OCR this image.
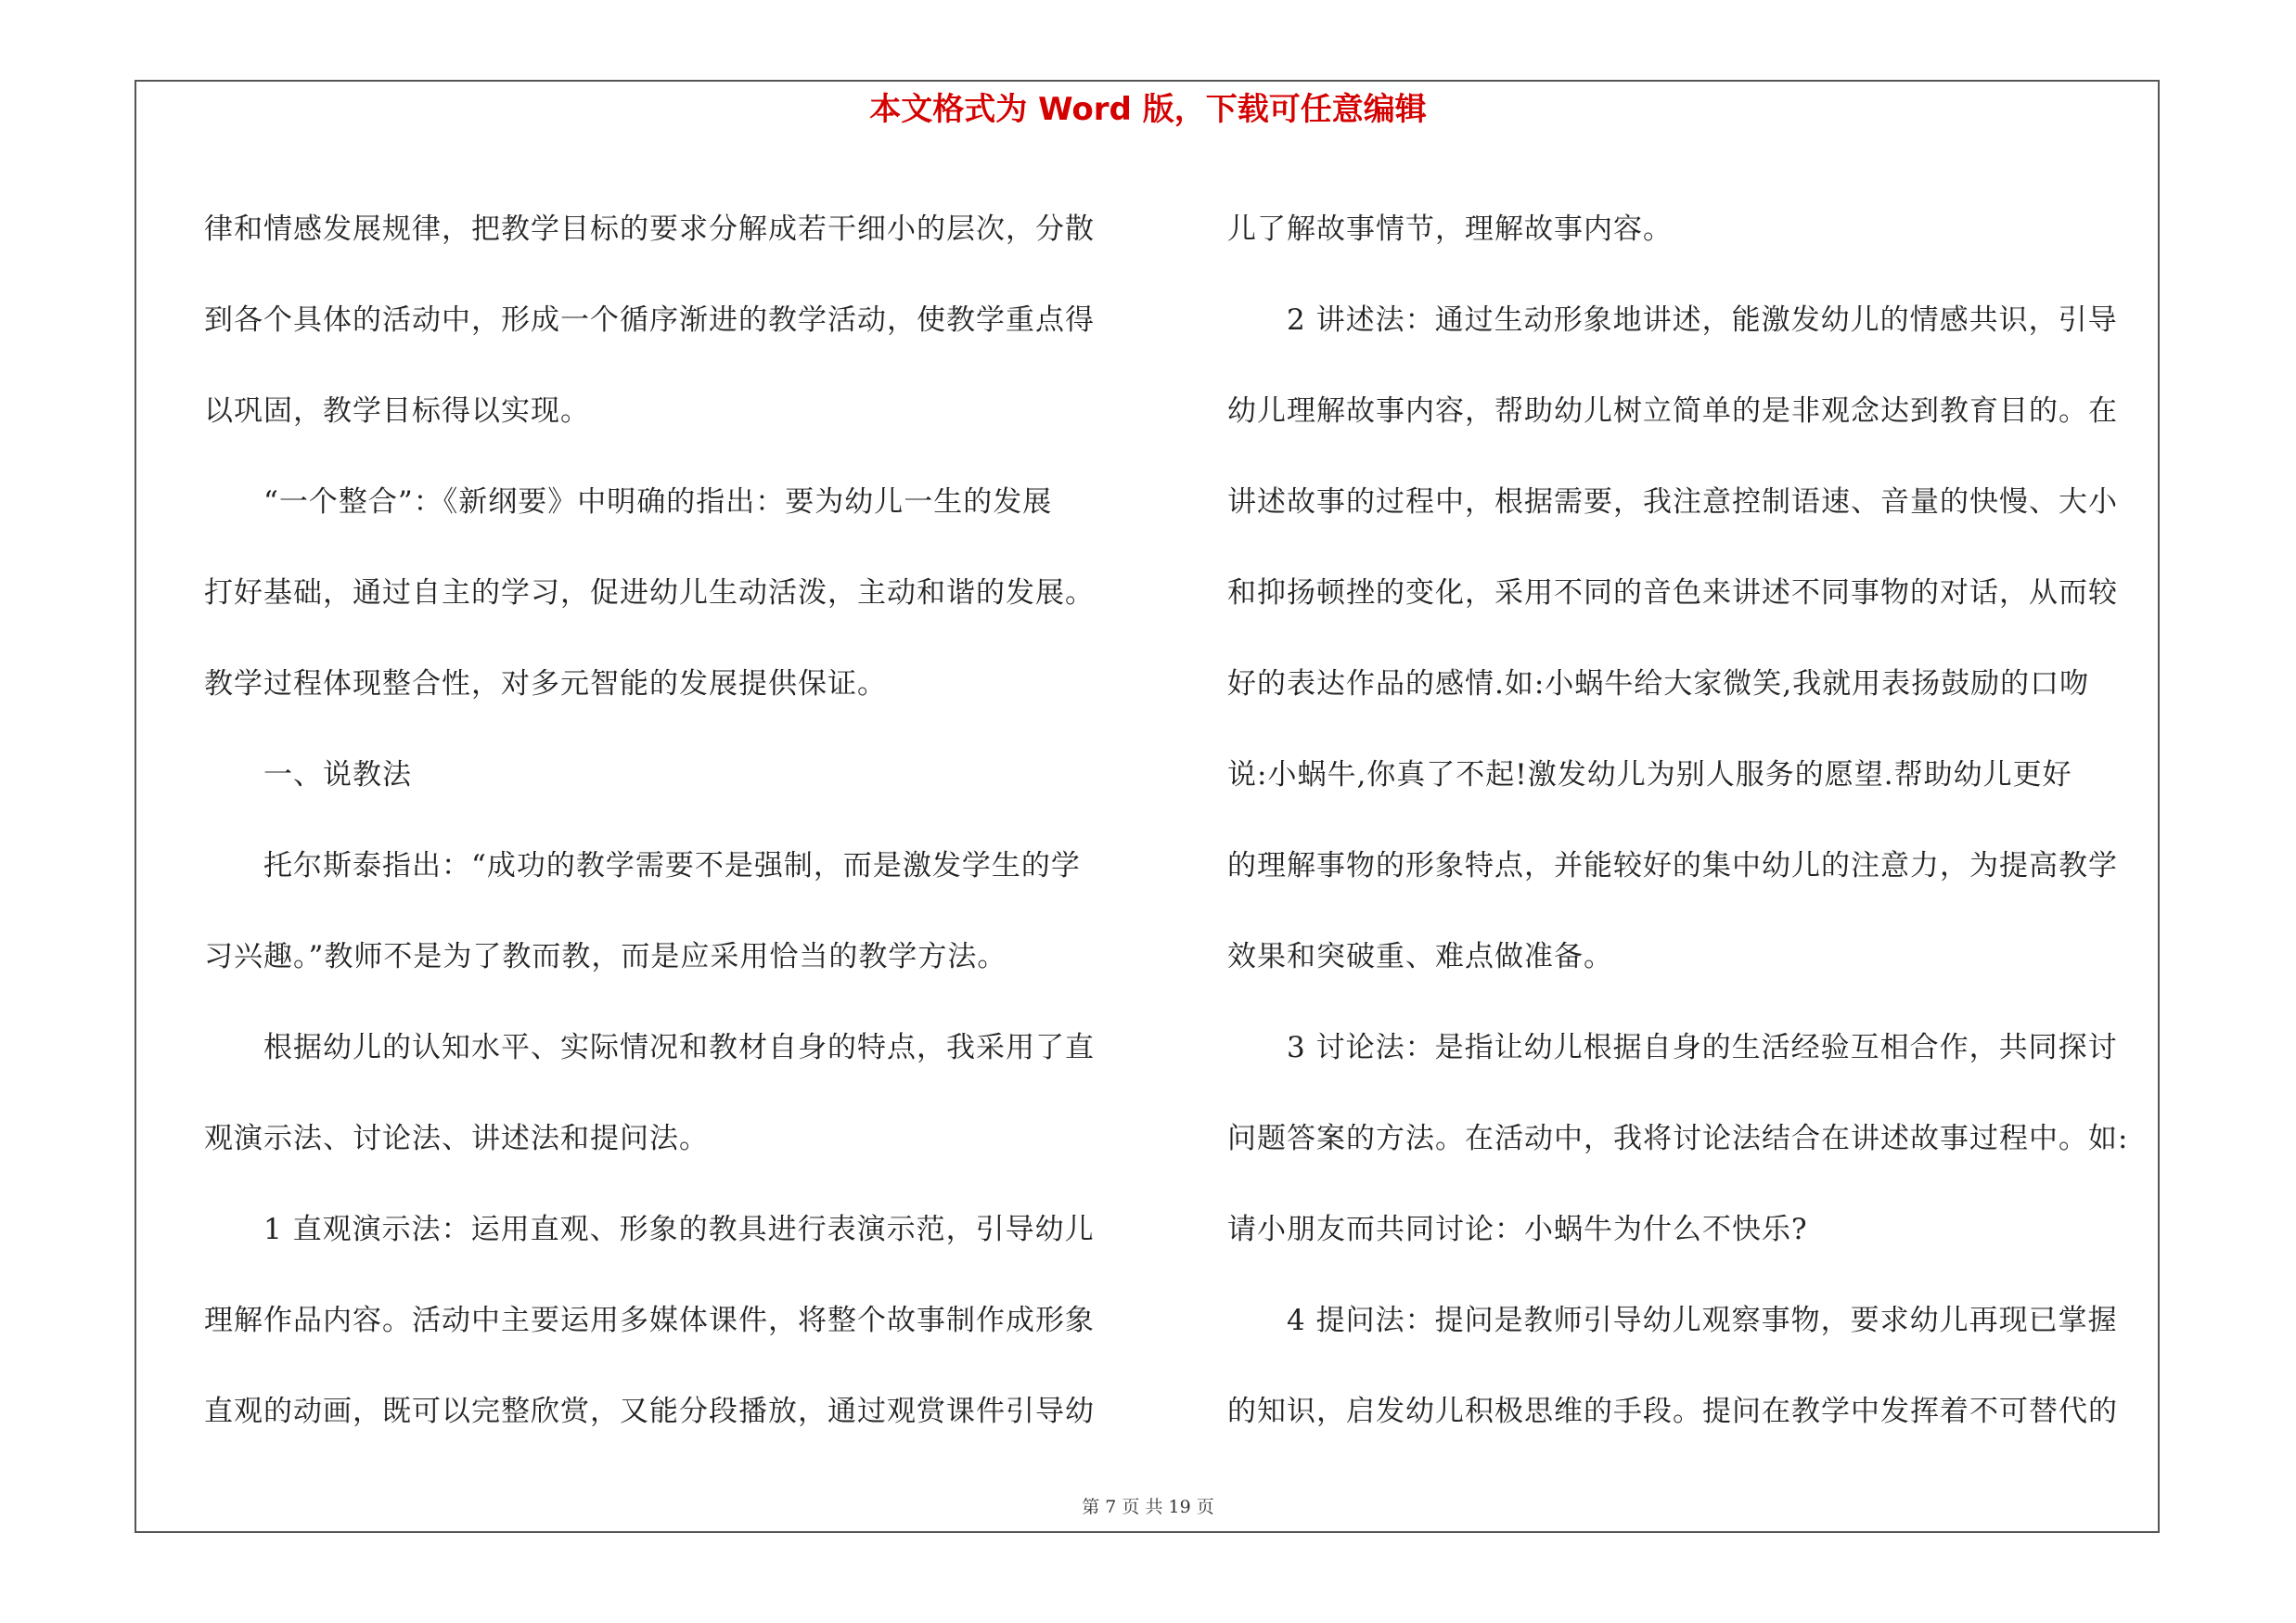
本文格式为 Word 版，下载可任意编辑
律和情感发展规律，把教学目标的要求分解成若干细小的层次，分散
到各个具体的活动中，形成一个循序渐进的教学活动，使教学重点得
以巩固，教学目标得以实现。
　　“一个整合”：《新纲要》中明确的指出：要为幼儿一生的发展
打好基础，通过自主的学习，促进幼儿生动活泼，主动和谐的发展。
教学过程体现整合性，对多元智能的发展提供保证。
　　一、说教法
　　托尔斯泰指出：“成功的教学需要不是强制，而是激发学生的学
习兴趣。”教师不是为了教而教，而是应采用恰当的教学方法。
　　根据幼儿的认知水平、实际情况和教材自身的特点，我采用了直
观演示法、讨论法、讲述法和提问法。
　　1 直观演示法：运用直观、形象的教具进行表演示范，引导幼儿
理解作品内容。活动中主要运用多媒体课件，将整个故事制作成形象
直观的动画，既可以完整欣赏，又能分段播放，通过观赏课件引导幼
儿了解故事情节，理解故事内容。
　　2 讲述法：通过生动形象地讲述，能激发幼儿的情感共识，引导
幼儿理解故事内容，帮助幼儿树立简单的是非观念达到教育目的。在
讲述故事的过程中，根据需要，我注意控制语速、音量的快慢、大小
和抑扬顿挫的变化，采用不同的音色来讲述不同事物的对话，从而较
好的表达作品的感情.如:小蜗牛给大家微笑,我就用表扬鼓励的口吻
说:小蜗牛,你真了不起!激发幼儿为别人服务的愿望.帮助幼儿更好
的理解事物的形象特点，并能较好的集中幼儿的注意力，为提高教学
效果和突破重、难点做准备。
　　3 讨论法：是指让幼儿根据自身的生活经验互相合作，共同探讨
问题答案的方法。在活动中，我将讨论法结合在讲述故事过程中。如:
请小朋友而共同讨论：小蜗牛为什么不快乐?
　　4 提问法：提问是教师引导幼儿观察事物，要求幼儿再现已掌握
的知识，启发幼儿积极思维的手段。提问在教学中发挥着不可替代的
第 7 页 共 19 页
